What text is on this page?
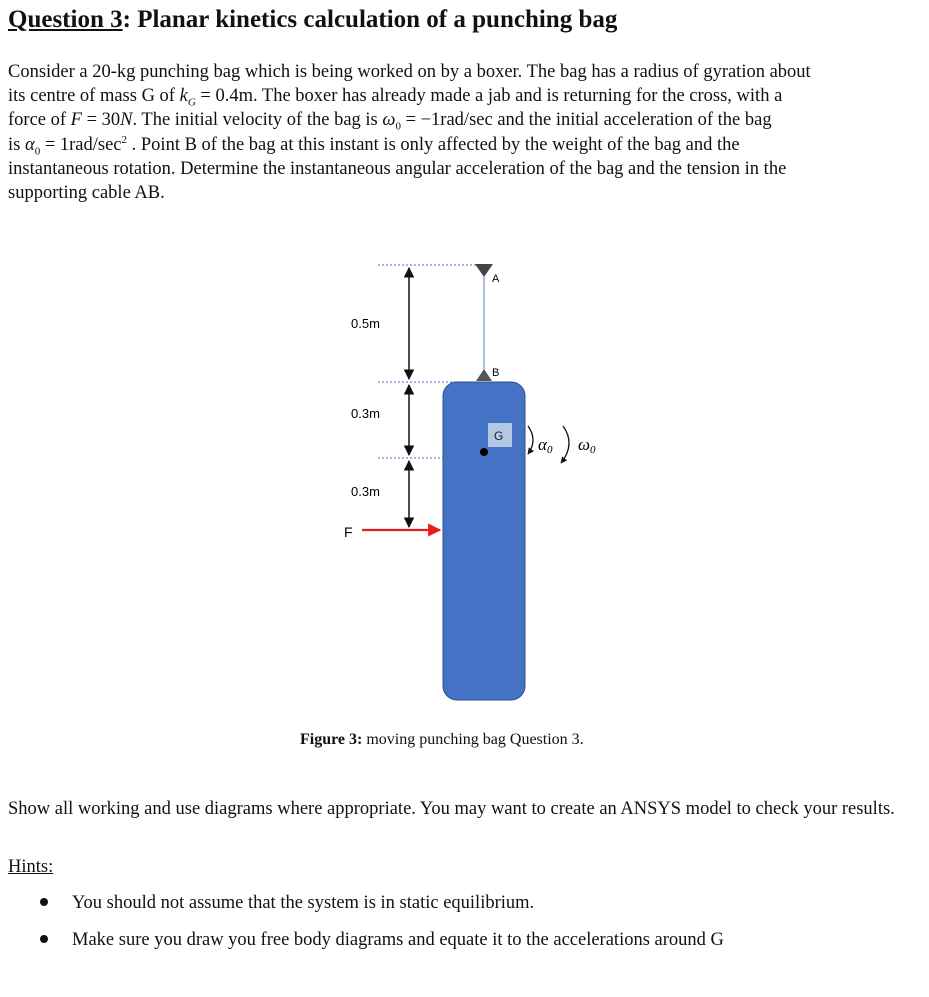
Question 3: Planar kinetics calculation of a punching bag
Consider a 20-kg punching bag which is being worked on by a boxer. The bag has a radius of gyration about
its centre of mass G of $k_G = 0.4m$. The boxer has already made a jab and is returning for the cross, with a
force of F = 30N. The initial velocity of the bag is $\omega_0 = -1rad/\sec$ and the initial acceleration of the bag
is $\alpha_0 = 1rad/\sec^2$ . Point B of the bag at this instant is only affected by the weight of the bag and the
instantaneous rotation. Determine the instantaneous angular acceleration of the bag and the tension in the
supporting cable AB.
0.5m
0.3m
0.3m
A
B
G α0 ω0
F
Figure 3: moving punching bag Question 3.
Show all working and use diagrams where appropriate. You may want to create an ANSYS model to check your results.
Hints:
You should not assume that the system is in static equilibrium.
Make sure you draw you free body diagrams and equate it to the accelerations around G
